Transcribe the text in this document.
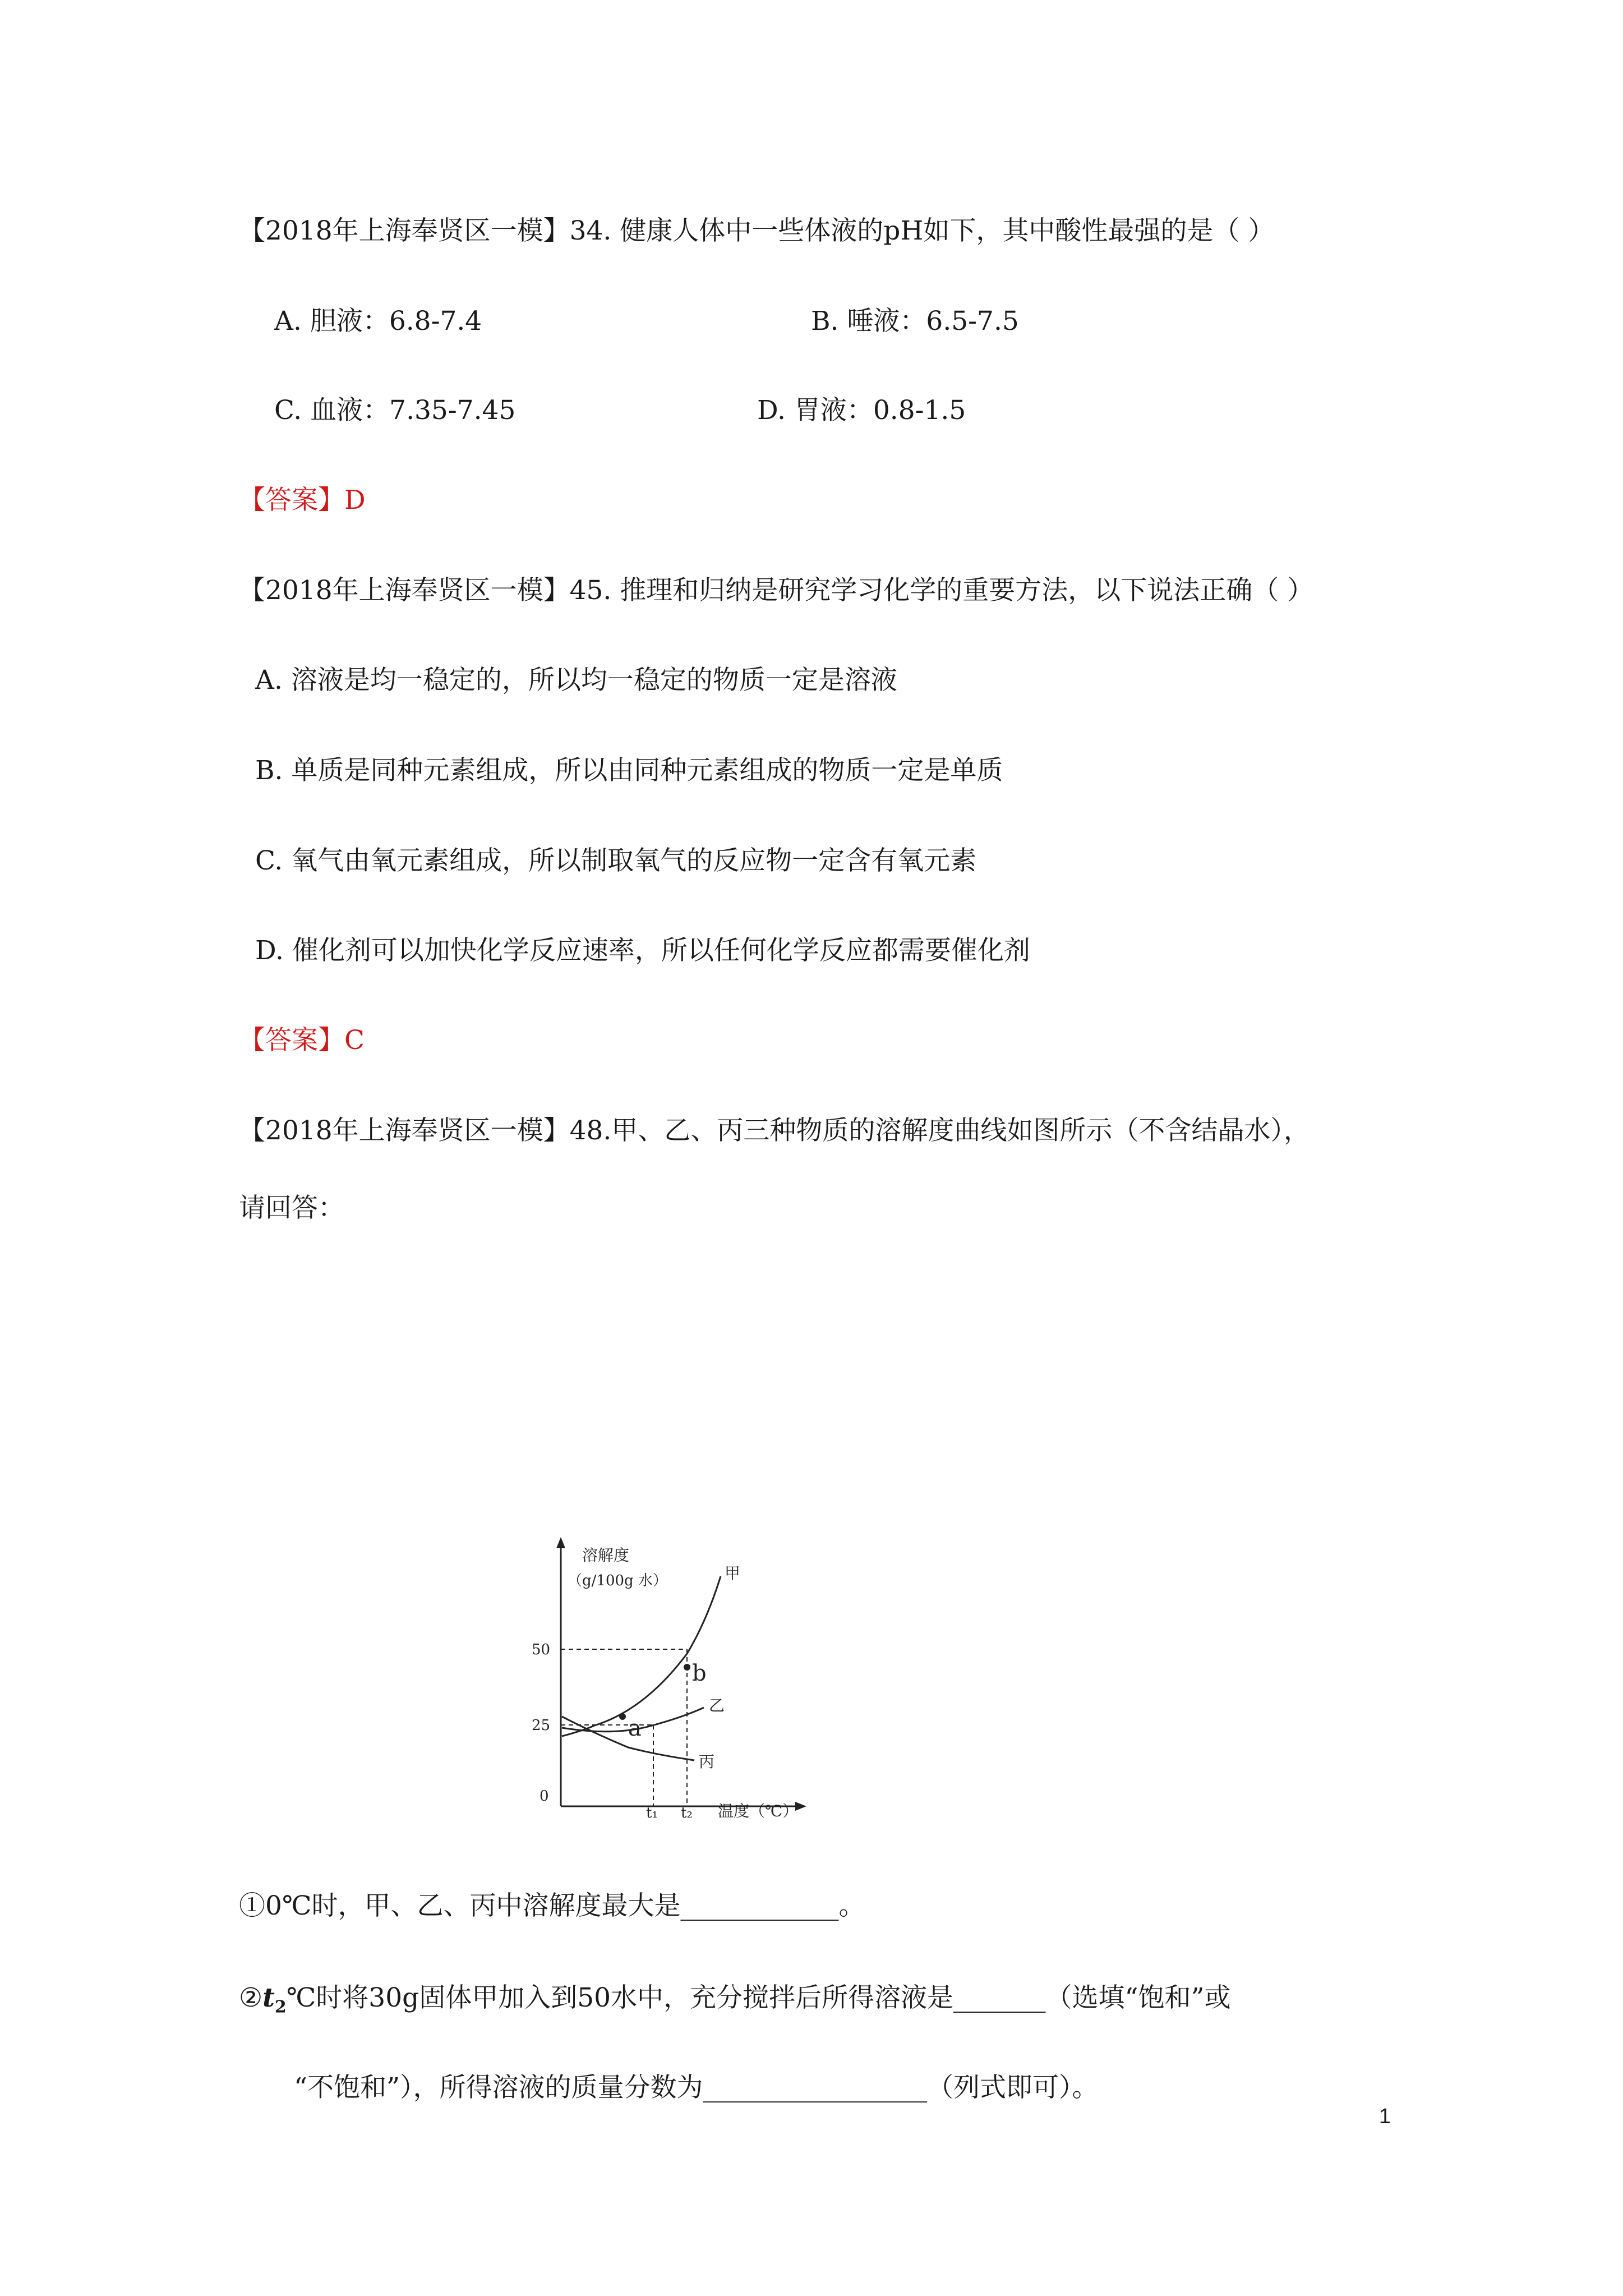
【2018年上海奉贤区一模】34. 健康人体中一些体液的pH如下，其中酸性最强的是（ ）
A. 胆液：6.8-7.4	B. 唾液：6.5-7.5
C. 血液：7.35-7.45	D. 胃液：0.8-1.5
【答案】D
【2018年上海奉贤区一模】45. 推理和归纳是研究学习化学的重要方法，以下说法正确（ ）
A. 溶液是均一稳定的，所以均一稳定的物质一定是溶液
B. 单质是同种元素组成，所以由同种元素组成的物质一定是单质
C. 氧气由氧元素组成，所以制取氧气的反应物一定含有氧元素
D. 催化剂可以加快化学反应速率，所以任何化学反应都需要催化剂
【答案】C
【2018年上海奉贤区一模】48.甲、乙、丙三种物质的溶解度曲线如图所示（不含结晶水），
请回答：
溶解度
（g/100g 水）
温度（℃）
50
25
0
甲
乙
丙
a
b
t₁ t₂
①0℃时，甲、乙、丙中溶解度最大是____________。
$②t_2℃$时将30g固体甲加入到50水中，充分搅拌后所得溶液是_______（选填“饱和”或
“不饱和”），所得溶液的质量分数为_________________（列式即可）。
1
